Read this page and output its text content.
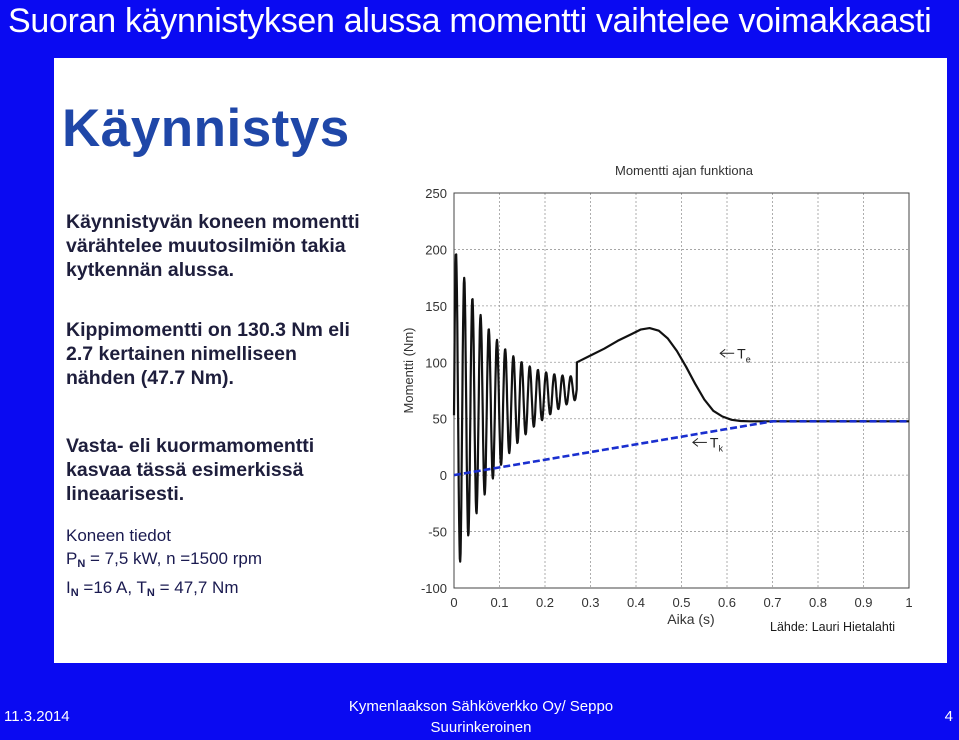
Suoran käynnistyksen alussa momentti vaihtelee voimakkaasti
Käynnistys

Käynnistyvän koneen momentti
värähtelee muutosilmiön takia
kytkennän alussa.

Kippimomentti on 130.3 Nm eli
2.7 kertainen nimelliseen
nähden (47.7 Nm).

Vasta- eli kuormamomentti
kasvaa tässä esimerkissä
lineaarisesti.

Koneen tiedot
$P_N = 7,5$ kW, n =1500 rpm
$I_N =16$ A, $T_N = 47,7$ Nm
0	0.1 0.2 0.3 0.4 0.5 0.6 0.7 0.8 0.9	1
250
200
150
100
50
0
-50
-100
Momentti ajan funktiona
Aika (s)
Momentti (Nm)	$T_e$
$T_k$

Lähde: Lauri Hietalahti

11.3.2014
Kymenlaakson Sähköverkko Oy/ Seppo
Suurinkeroinen
4
